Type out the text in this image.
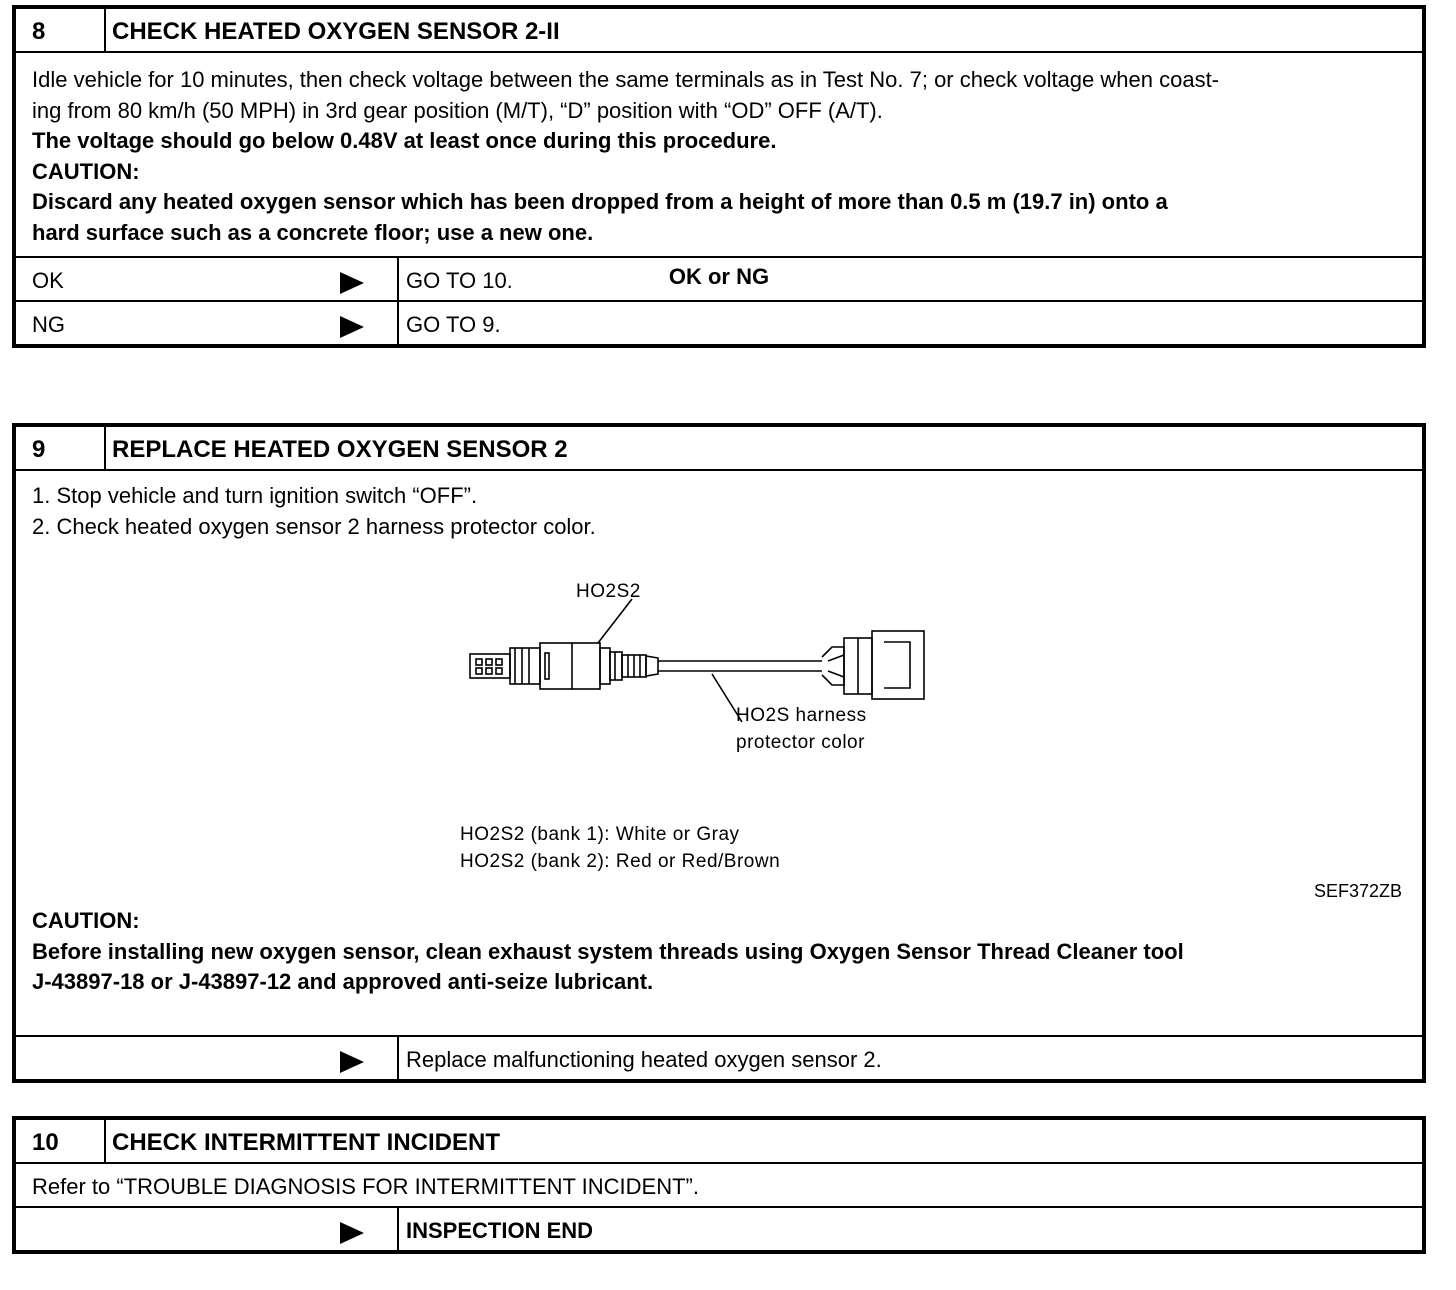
8	CHECK HEATED OXYGEN SENSOR 2-II
Idle vehicle for 10 minutes, then check voltage between the same terminals as in Test No. 7; or check voltage when coast-
ing from 80 km/h (50 MPH) in 3rd gear position (M/T), “D” position with “OD” OFF (A/T).
The voltage should go below 0.48V at least once during this procedure.
CAUTION:
Discard any heated oxygen sensor which has been dropped from a height of more than 0.5 m (19.7 in) onto a
hard surface such as a concrete floor; use a new one.
OK or NG
OK	GO TO 10.
NG	GO TO 9.
9	REPLACE HEATED OXYGEN SENSOR 2
1. Stop vehicle and turn ignition switch “OFF”.
2. Check heated oxygen sensor 2 harness protector color.
HO2S2
HO2S harness
protector color
HO2S2 (bank 1): White or Gray
HO2S2 (bank 2): Red or Red/Brown
SEF372ZB
CAUTION:
Before installing new oxygen sensor, clean exhaust system threads using Oxygen Sensor Thread Cleaner tool
J-43897-18 or J-43897-12 and approved anti-seize lubricant.
Replace malfunctioning heated oxygen sensor 2.
10	CHECK INTERMITTENT INCIDENT
Refer to “TROUBLE DIAGNOSIS FOR INTERMITTENT INCIDENT”.
INSPECTION END
